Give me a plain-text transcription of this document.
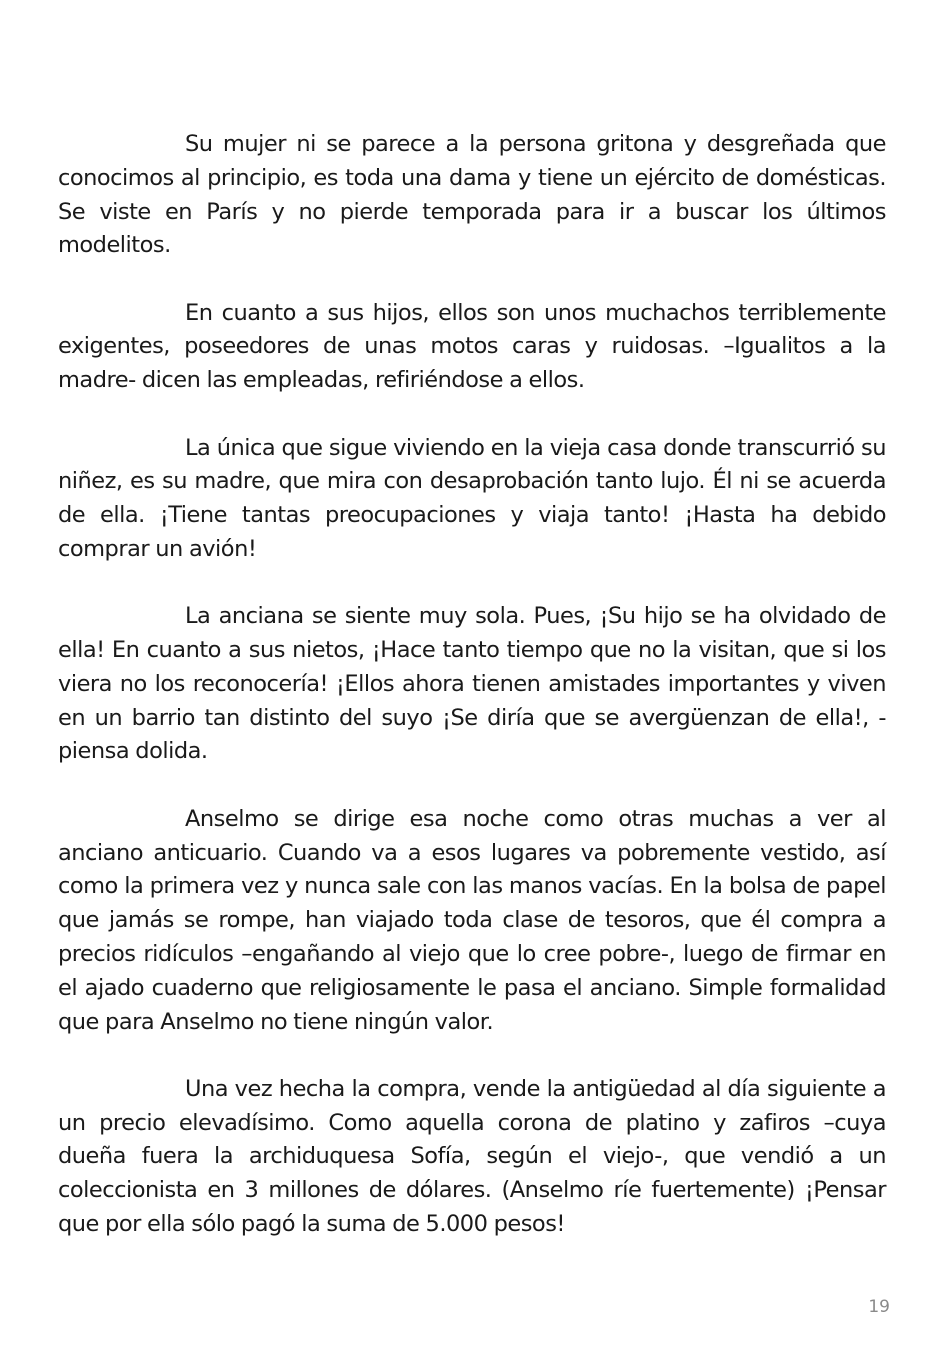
Su mujer ni se parece a la persona gritona y desgreñada que conocimos al principio, es toda una dama y tiene un ejército de domésticas. Se viste en París y no pierde temporada para ir a buscar los últimos modelitos.

En cuanto a sus hijos, ellos son unos muchachos terriblemente exigentes, poseedores de unas motos caras y ruidosas. –Igualitos a la madre- dicen las empleadas, refiriéndose a ellos.

La única que sigue viviendo en la vieja casa donde transcurrió su niñez, es su madre, que mira con desaprobación tanto lujo. Él ni se acuerda de ella. ¡Tiene tantas preocupaciones y viaja tanto! ¡Hasta ha debido comprar un avión!

La anciana se siente muy sola. Pues, ¡Su hijo se ha olvidado de ella! En cuanto a sus nietos, ¡Hace tanto tiempo que no la visitan, que si los viera no los reconocería! ¡Ellos ahora tienen amistades importantes y viven en un barrio tan distinto del suyo ¡Se diría que se avergüenzan de ella!, -piensa dolida.

Anselmo se dirige esa noche como otras muchas a ver al anciano anticuario. Cuando va a esos lugares va pobremente vestido, así como la primera vez y nunca sale con las manos vacías. En la bolsa de papel que jamás se rompe, han viajado toda clase de tesoros, que él compra a precios ridículos –engañando al viejo que lo cree pobre-, luego de firmar en el ajado cuaderno que religiosamente le pasa el anciano. Simple formalidad que para Anselmo no tiene ningún valor.

Una vez hecha la compra, vende la antigüedad al día siguiente a un precio elevadísimo. Como aquella corona de platino y zafiros –cuya dueña fuera la archiduquesa Sofía, según el viejo-, que vendió a un coleccionista en 3 millones de dólares. (Anselmo ríe fuertemente) ¡Pensar que por ella sólo pagó la suma de 5.000 pesos!

19
